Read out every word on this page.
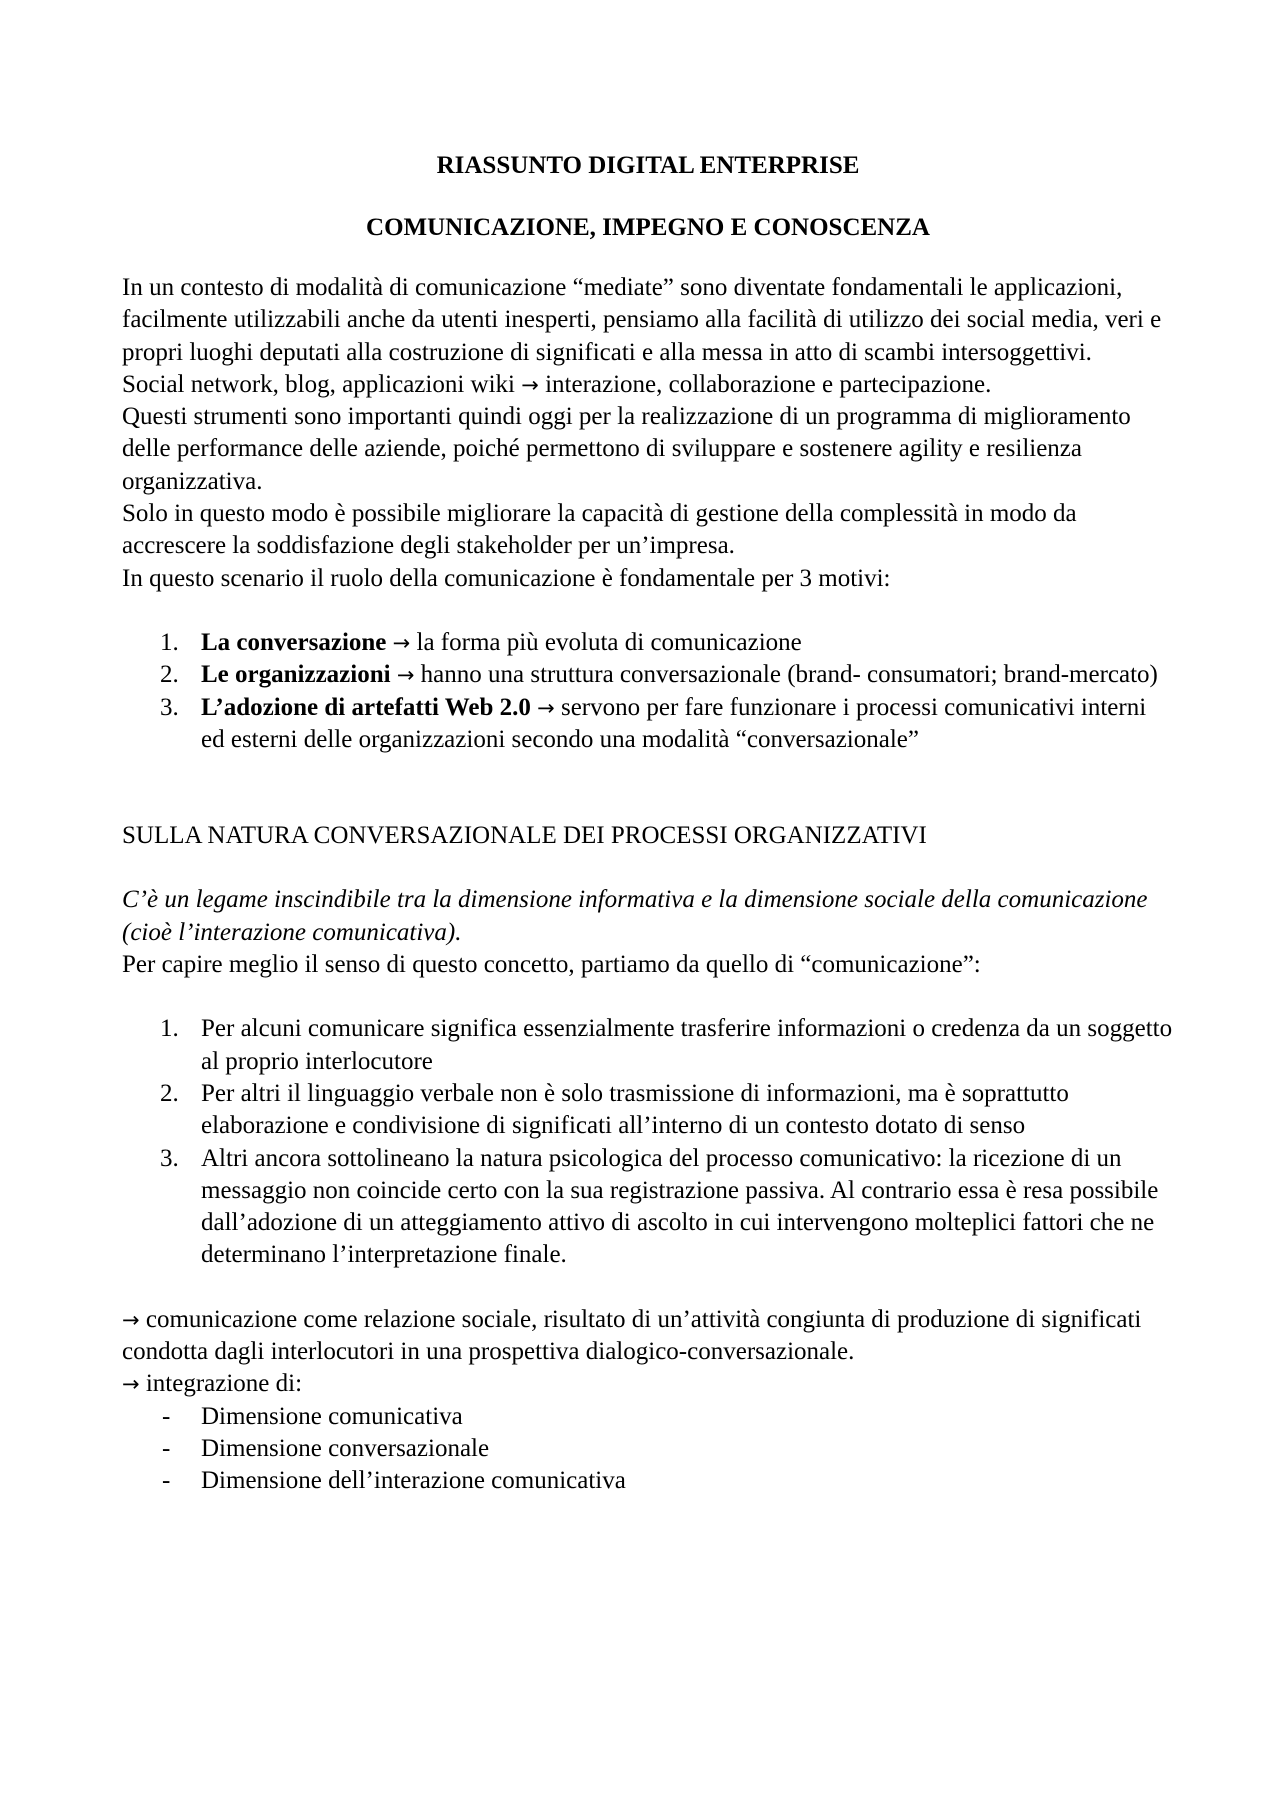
RIASSUNTO DIGITAL ENTERPRISE

COMUNICAZIONE, IMPEGNO E CONOSCENZA

In un contesto di modalità di comunicazione “mediate” sono diventate fondamentali le applicazioni, facilmente utilizzabili anche da utenti inesperti, pensiamo alla facilità di utilizzo dei social media, veri e propri luoghi deputati alla costruzione di significati e alla messa in atto di scambi intersoggettivi.

Social network, blog, applicazioni wiki → interazione, collaborazione e partecipazione.

Questi strumenti sono importanti quindi oggi per la realizzazione di un programma di miglioramento delle performance delle aziende, poiché permettono di sviluppare e sostenere agility e resilienza organizzativa.

Solo in questo modo è possibile migliorare la capacità di gestione della complessità in modo da accrescere la soddisfazione degli stakeholder per un’impresa.

In questo scenario il ruolo della comunicazione è fondamentale per 3 motivi:

1. La conversazione → la forma più evoluta di comunicazione
2. Le organizzazioni → hanno una struttura conversazionale (brand- consumatori; brand-mercato)
3. L’adozione di artefatti Web 2.0 → servono per fare funzionare i processi comunicativi interni ed esterni delle organizzazioni secondo una modalità “conversazionale”

SULLA NATURA CONVERSAZIONALE DEI PROCESSI ORGANIZZATIVI

C’è un legame inscindibile tra la dimensione informativa e la dimensione sociale della comunicazione (cioè l’interazione comunicativa).

Per capire meglio il senso di questo concetto, partiamo da quello di “comunicazione”:

1. Per alcuni comunicare significa essenzialmente trasferire informazioni o credenza da un soggetto al proprio interlocutore
2. Per altri il linguaggio verbale non è solo trasmissione di informazioni, ma è soprattutto elaborazione e condivisione di significati all’interno di un contesto dotato di senso
3. Altri ancora sottolineano la natura psicologica del processo comunicativo: la ricezione di un messaggio non coincide certo con la sua registrazione passiva. Al contrario essa è resa possibile dall’adozione di un atteggiamento attivo di ascolto in cui intervengono molteplici fattori che ne determinano l’interpretazione finale.

→ comunicazione come relazione sociale, risultato di un’attività congiunta di produzione di significati condotta dagli interlocutori in una prospettiva dialogico-conversazionale.

→ integrazione di:

- Dimensione comunicativa
- Dimensione conversazionale
- Dimensione dell’interazione comunicativa
